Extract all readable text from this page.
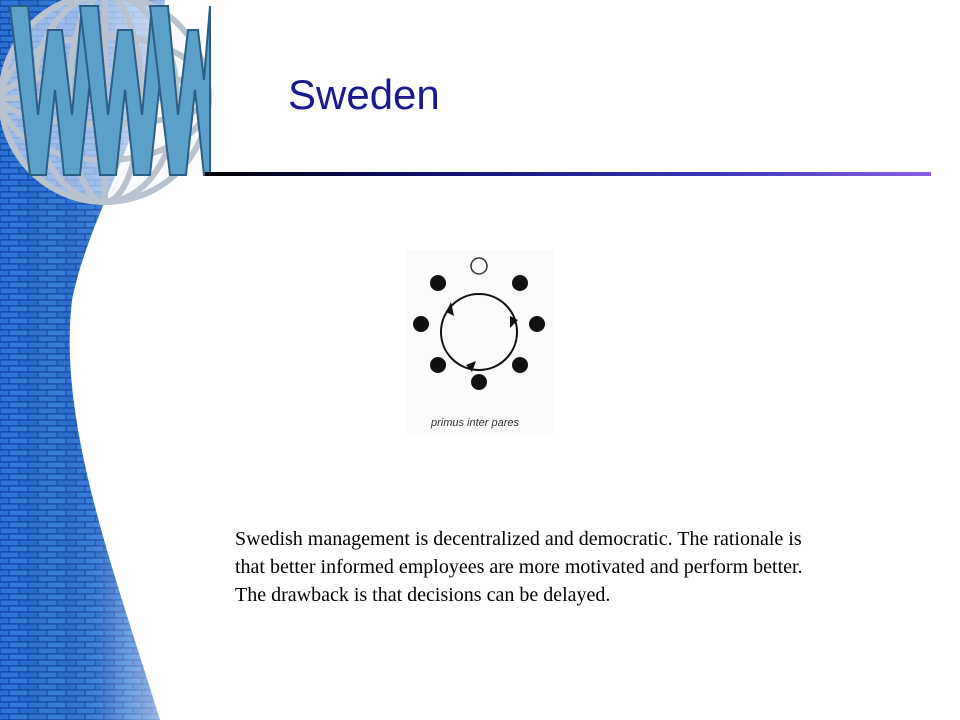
Sweden
primus inter pares
Swedish management is decentralized and democratic. The rationale is that better informed employees are more motivated and perform better. The drawback is that decisions can be delayed.
